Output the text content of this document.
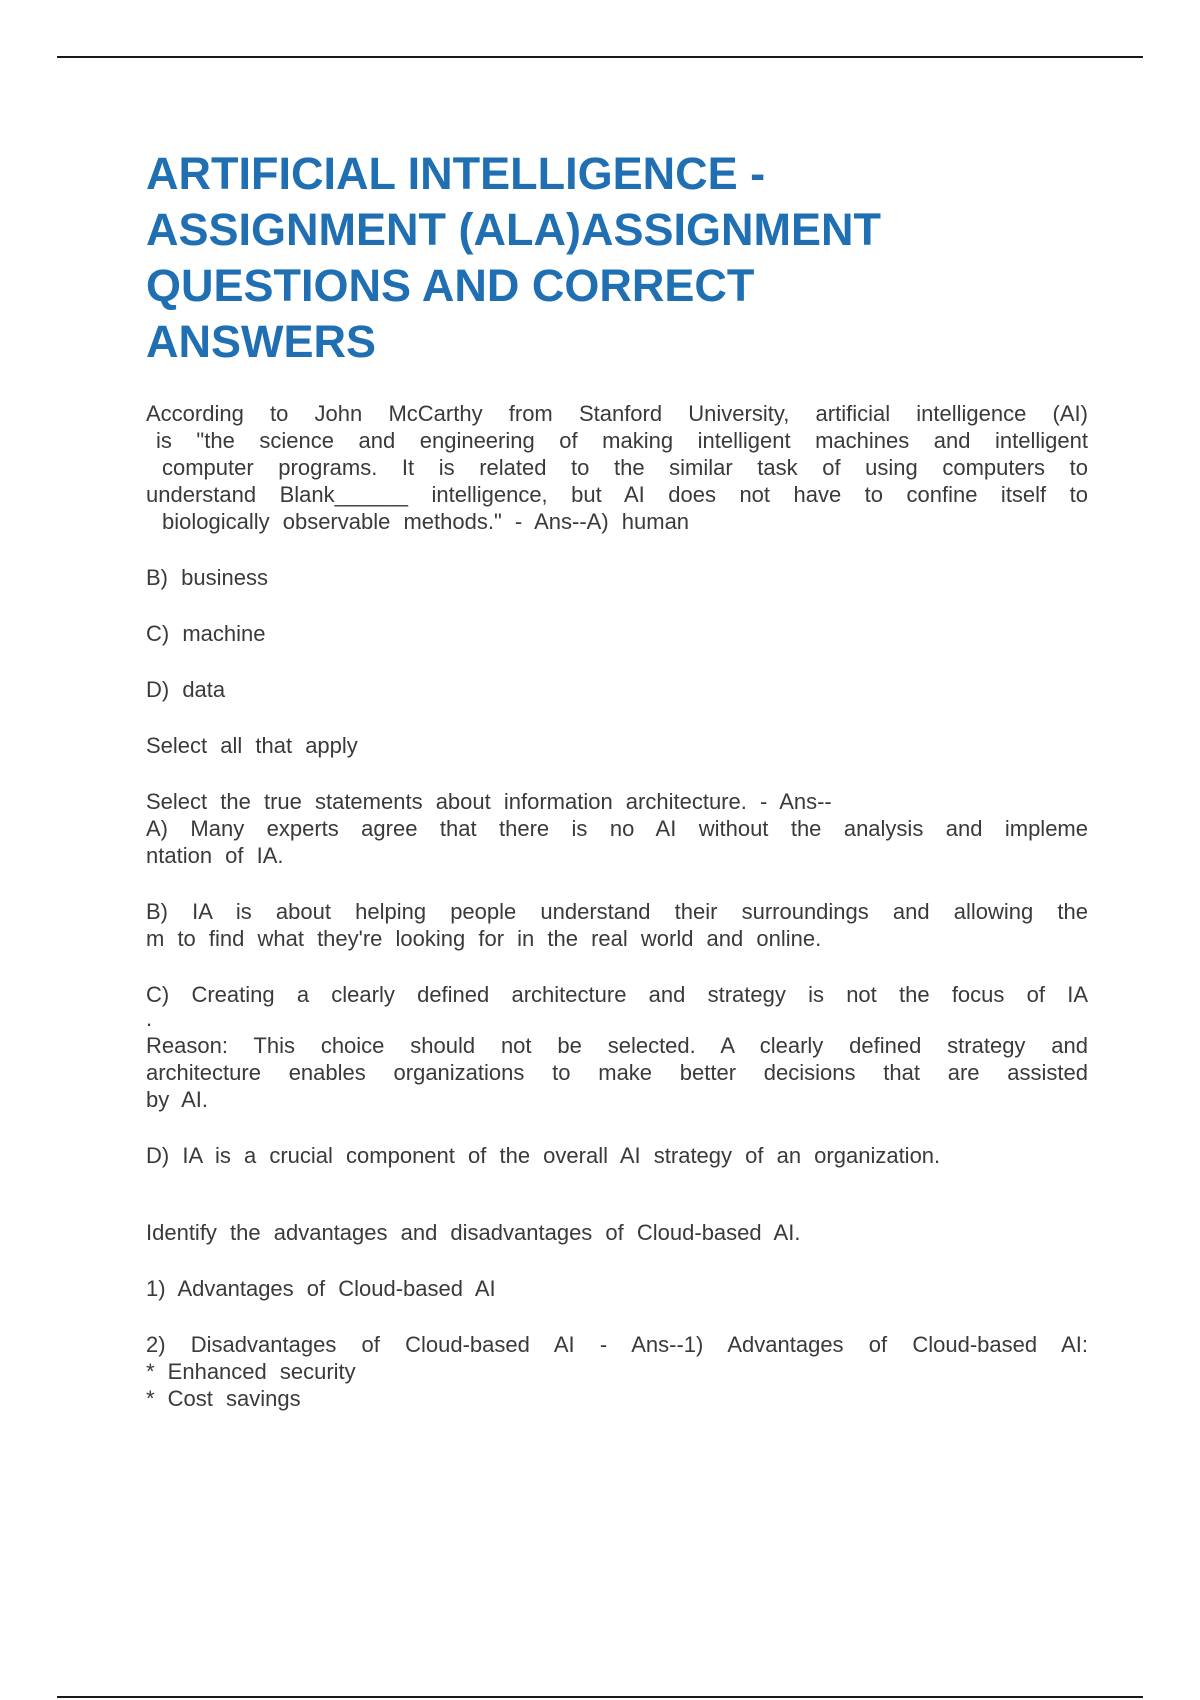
ARTIFICIAL INTELLIGENCE -
ASSIGNMENT (ALA)ASSIGNMENT
QUESTIONS AND CORRECT
ANSWERS
According to John McCarthy from Stanford University, artificial intelligence (AI)
is "the science and engineering of making intelligent machines and intelligent
computer programs. It is related to the similar task of using computers to
understand Blank______ intelligence, but AI does not have to confine itself to
biologically observable methods." - Ans--A) human
B) business
C) machine
D) data
Select all that apply
Select the true statements about information architecture. - Ans--
A) Many experts agree that there is no AI without the analysis and impleme
ntation of IA.
B) IA is about helping people understand their surroundings and allowing the
m to find what they're looking for in the real world and online.
C) Creating a clearly defined architecture and strategy is not the focus of IA
.
Reason: This choice should not be selected. A clearly defined strategy and
architecture enables organizations to make better decisions that are assisted
by AI.
D) IA is a crucial component of the overall AI strategy of an organization.
Identify the advantages and disadvantages of Cloud-based AI.
1) Advantages of Cloud-based AI
2) Disadvantages of Cloud-based AI - Ans--1) Advantages of Cloud-based AI:
* Enhanced security
* Cost savings
